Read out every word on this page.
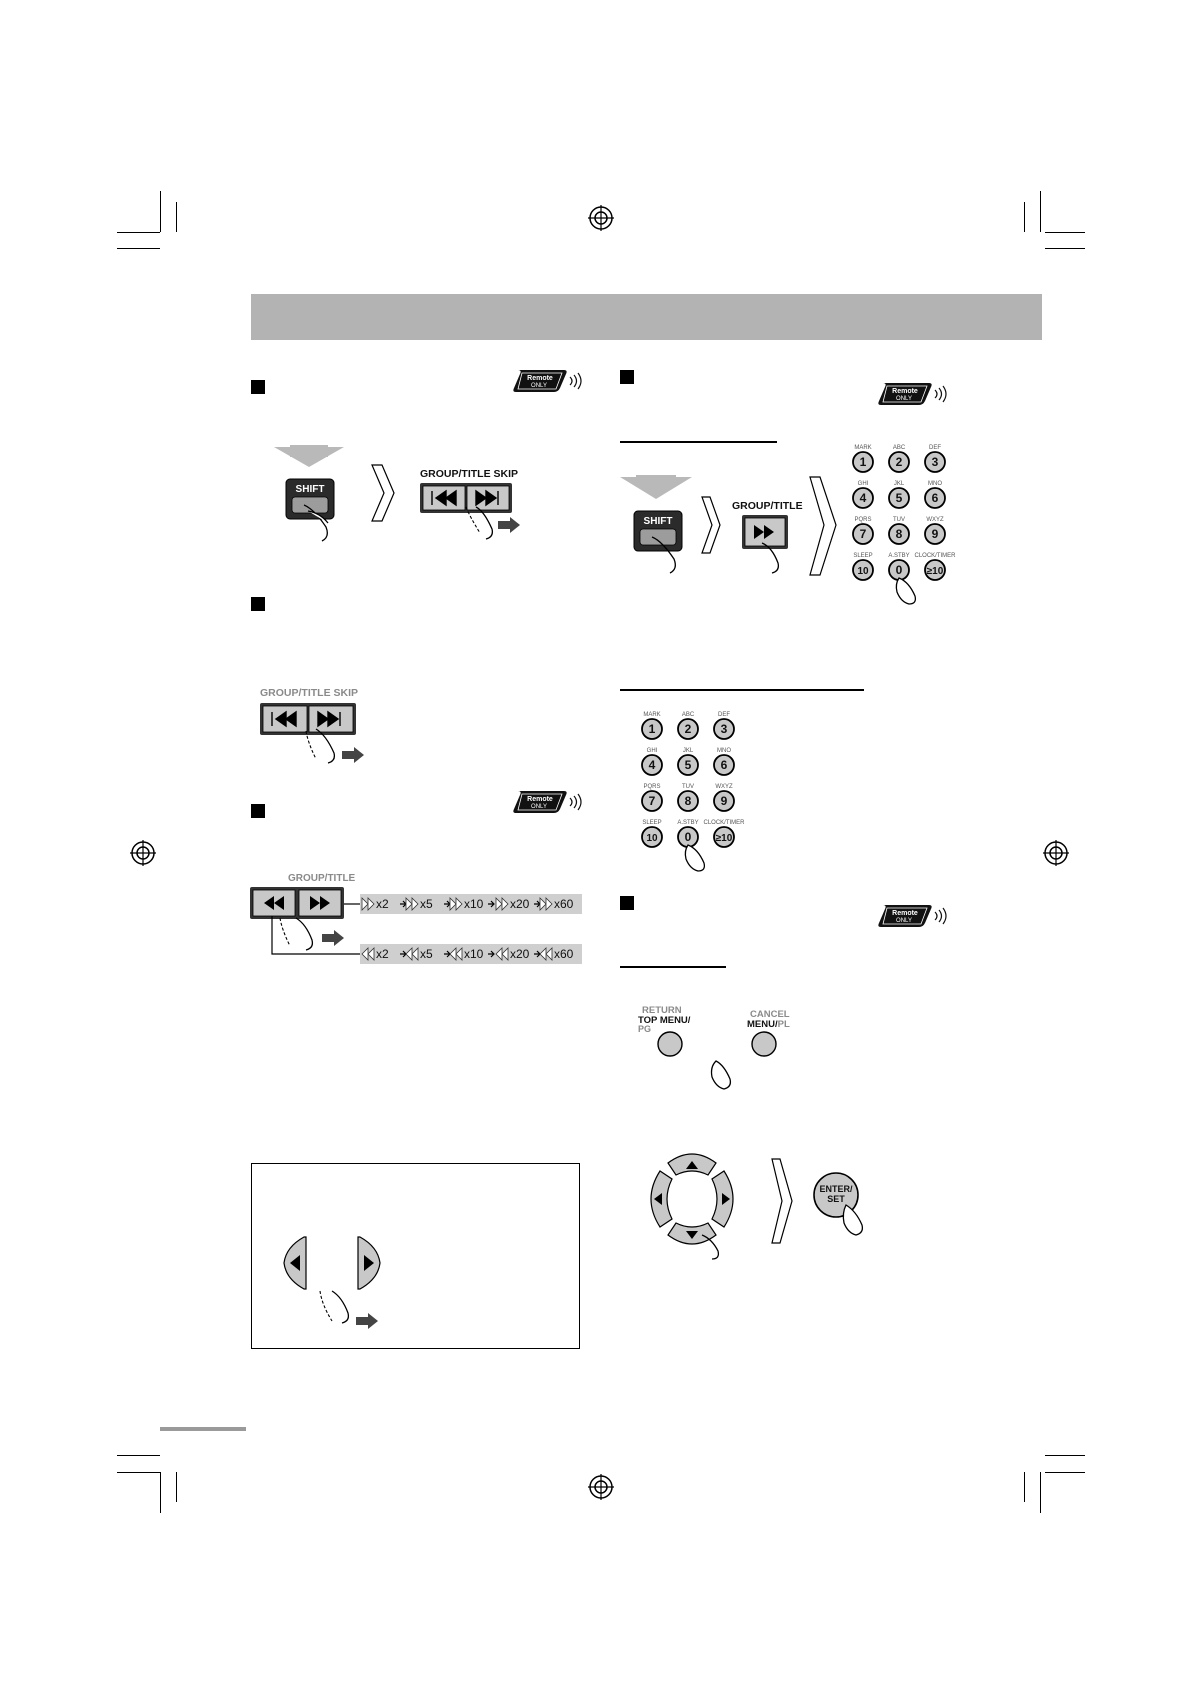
Remote
ONLY
Remote
ONLY
Remote
ONLY
Remote
ONLY
SHIFT
GROUP/TITLE SKIP
GROUP/TITLE SKIP
GROUP/TITLE
x2	x5	x10 x20 x60
x2	x5	x10 x20 x60
SHIFT
GROUP/TITLE
MARK
1
ABC
2
DEF
3
GHI
4
JKL
5
MNO
6
PQRS
7
TUV
8
WXYZ
9
SLEEP
10
A.STBY
0
CLOCK/TIMER
≥10
MARK
1
ABC
2
DEF
3
GHI
4
JKL
5
MNO
6
PQRS
7
TUV
8
WXYZ
9
SLEEP
10
A.STBY
0
CLOCK/TIMER
≥10
RETURN
TOP MENU/
PG
CANCEL
MENU/PL
ENTER/
SET
